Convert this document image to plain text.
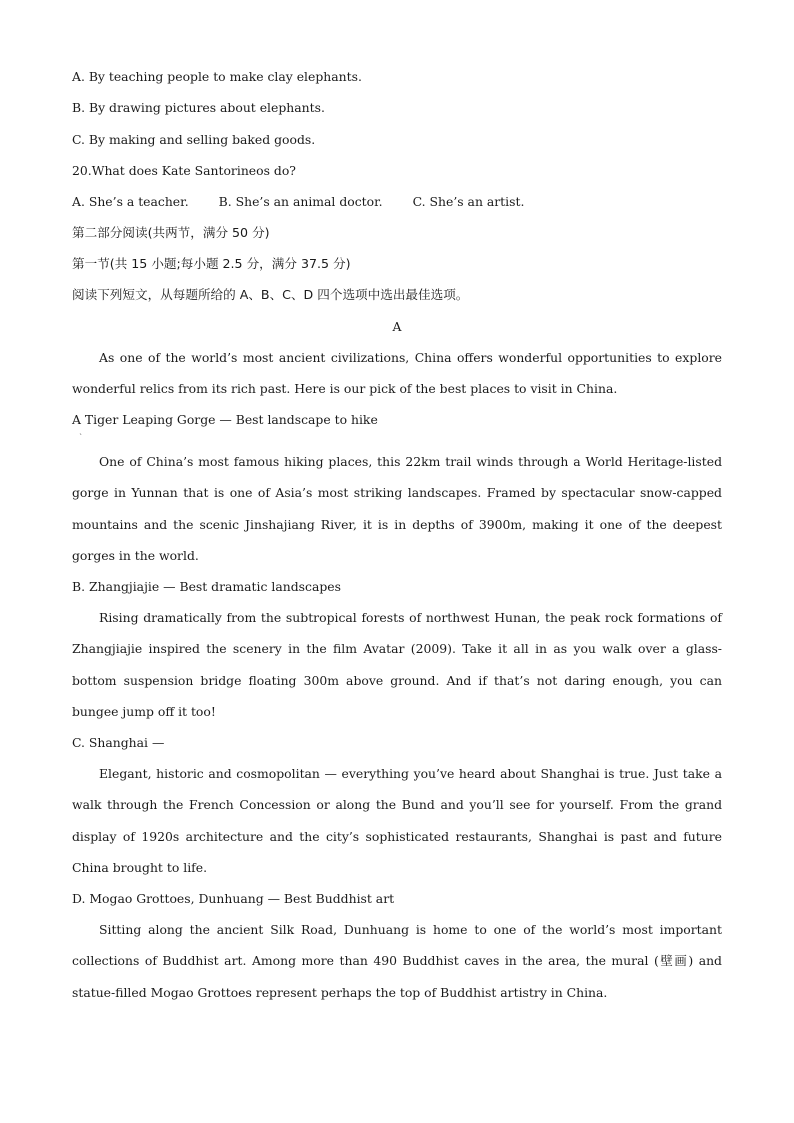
A. By teaching people to make clay elephants.
B. By drawing pictures about elephants.
C. By making and selling baked goods.
20.What does Kate Santorineos do?
A. She’s a teacher. B. She’s an animal doctor. C. She’s an artist.
第二部分阅读(共两节，满分 50 分)
第一节(共 15 小题;每小题 2.5 分，满分 37.5 分)
阅读下列短文，从每题所给的 A、B、C、D 四个选项中选出最佳选项。
A

As one of the world’s most ancient civilizations, China offers wonderful opportunities to explore wonderful relics from its rich past. Here is our pick of the best places to visit in China.

A Tiger Leaping Gorge — Best landscape to hike
ˋ

One of China’s most famous hiking places, this 22km trail winds through a World Heritage-listed gorge in Yunnan that is one of Asia’s most striking landscapes. Framed by spectacular snow-capped mountains and the scenic Jinshajiang River, it is in depths of 3900m, making it one of the deepest gorges in the world.

B. Zhangjiajie — Best dramatic landscapes

Rising dramatically from the subtropical forests of northwest Hunan, the peak rock formations of Zhangjiajie inspired the scenery in the film Avatar (2009). Take it all in as you walk over a glass-bottom suspension bridge floating 300m above ground. And if that’s not daring enough, you can bungee jump off it too!

C. Shanghai —

Elegant, historic and cosmopolitan — everything you’ve heard about Shanghai is true. Just take a walk through the French Concession or along the Bund and you’ll see for yourself. From the grand display of 1920s architecture and the city’s sophisticated restaurants, Shanghai is past and future China brought to life.

D. Mogao Grottoes, Dunhuang — Best Buddhist art

Sitting along the ancient Silk Road, Dunhuang is home to one of the world’s most important collections of Buddhist art. Among more than 490 Buddhist caves in the area, the mural (壁画) and statue-filled Mogao Grottoes represent perhaps the top of Buddhist artistry in China.
